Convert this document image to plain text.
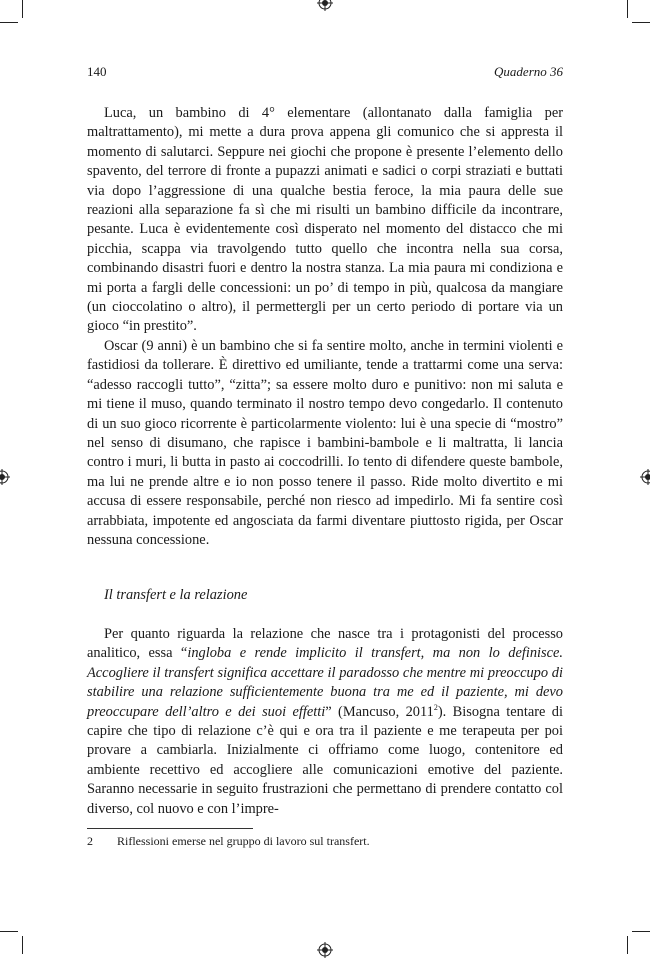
140	Quaderno 36

Luca, un bambino di 4° elementare (allontanato dalla famiglia per maltrattamento), mi mette a dura prova appena gli comunico che si appresta il momento di salutarci. Seppure nei giochi che propone è presente l’elemento dello spavento, del terrore di fronte a pupazzi animati e sadici o corpi straziati e buttati via dopo l’aggressione di una qualche bestia feroce, la mia paura delle sue reazioni alla separazione fa sì che mi risulti un bambino difficile da incontrare, pesante. Luca è evidentemente così disperato nel momento del distacco che mi picchia, scappa via travolgendo tutto quello che incontra nella sua corsa, combinando disastri fuori e dentro la nostra stanza. La mia paura mi condiziona e mi porta a fargli delle concessioni: un po’ di tempo in più, qualcosa da mangiare (un cioccolatino o altro), il permettergli per un certo periodo di portare via un gioco “in prestito”.

Oscar (9 anni) è un bambino che si fa sentire molto, anche in termini violenti e fastidiosi da tollerare. È direttivo ed umiliante, tende a trattarmi come una serva: “adesso raccogli tutto”, “zitta”; sa essere molto duro e punitivo: non mi saluta e mi tiene il muso, quando terminato il nostro tempo devo congedarlo. Il contenuto di un suo gioco ricorrente è particolarmente violento: lui è una specie di “mostro” nel senso di disumano, che rapisce i bambini-bambole e li maltratta, li lancia contro i muri, li butta in pasto ai coccodrilli. Io tento di difendere queste bambole, ma lui ne prende altre e io non posso tenere il passo. Ride molto divertito e mi accusa di essere responsabile, perché non riesco ad impedirlo. Mi fa sentire così arrabbiata, impotente ed angosciata da farmi diventare piuttosto rigida, per Oscar nessuna concessione.

Il transfert e la relazione

Per quanto riguarda la relazione che nasce tra i protagonisti del processo analitico, essa “ingloba e rende implicito il transfert, ma non lo definisce. Accogliere il transfert significa accettare il paradosso che mentre mi preoccupo di stabilire una relazione sufficientemente buona tra me ed il paziente, mi devo preoccupare dell’altro e dei suoi effetti” (Mancuso, 2011$^2$). Bisogna tentare di capire che tipo di relazione c’è qui e ora tra il paziente e me terapeuta per poi provare a cambiarla. Inizialmente ci offriamo come luogo, contenitore ed ambiente recettivo ed accogliere alle comunicazioni emotive del paziente. Saranno necessarie in seguito frustrazioni che permettano di prendere contatto col diverso, col nuovo e con l’impre-

2 Riflessioni emerse nel gruppo di lavoro sul transfert.
